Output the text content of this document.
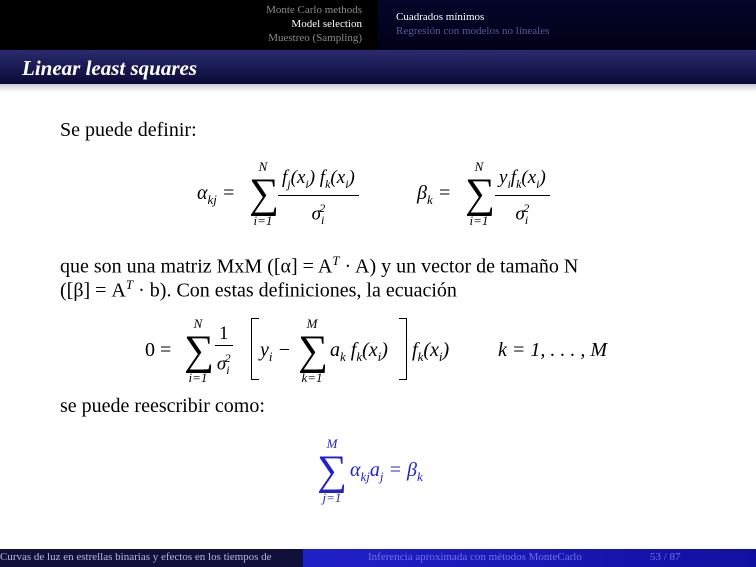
Monte Carlo methods
Model selection
Muestreo (Sampling)
Cuadrados mínimos
Regresión con modelos no lineales
Linear least squares
Se puede definir:
$\alpha_{kj}$ =
N
∑
i=1
$f_j(x_i)$ $f_k(x_i)$
$\sigma_i^2$
$\beta_k$ =
N
∑
i=1
$y_if_k(x_i)$
$\sigma_i^2$
que son una matriz MxM $([\alpha] = A^T \cdot A)$ y un vector de tamaño N
$([\beta] = A^T \cdot b)$. Con estas definiciones, la ecuación
0 =
N
∑
i=1
1
$\sigma_i^2$ $y_i$ −
M
∑
k=1
$a_k$ $f_k(x_i)$ $f_k(x_i) k = 1$, . . . , M
se puede reescribir como:
M
∑
j=1
$\alpha_{kj}a_j = \beta_k$
Curvas de luz en estrellas binarias y efectos en los tiempos de	Inferencia aproximada con métodos MonteCarlo	53 / 87
